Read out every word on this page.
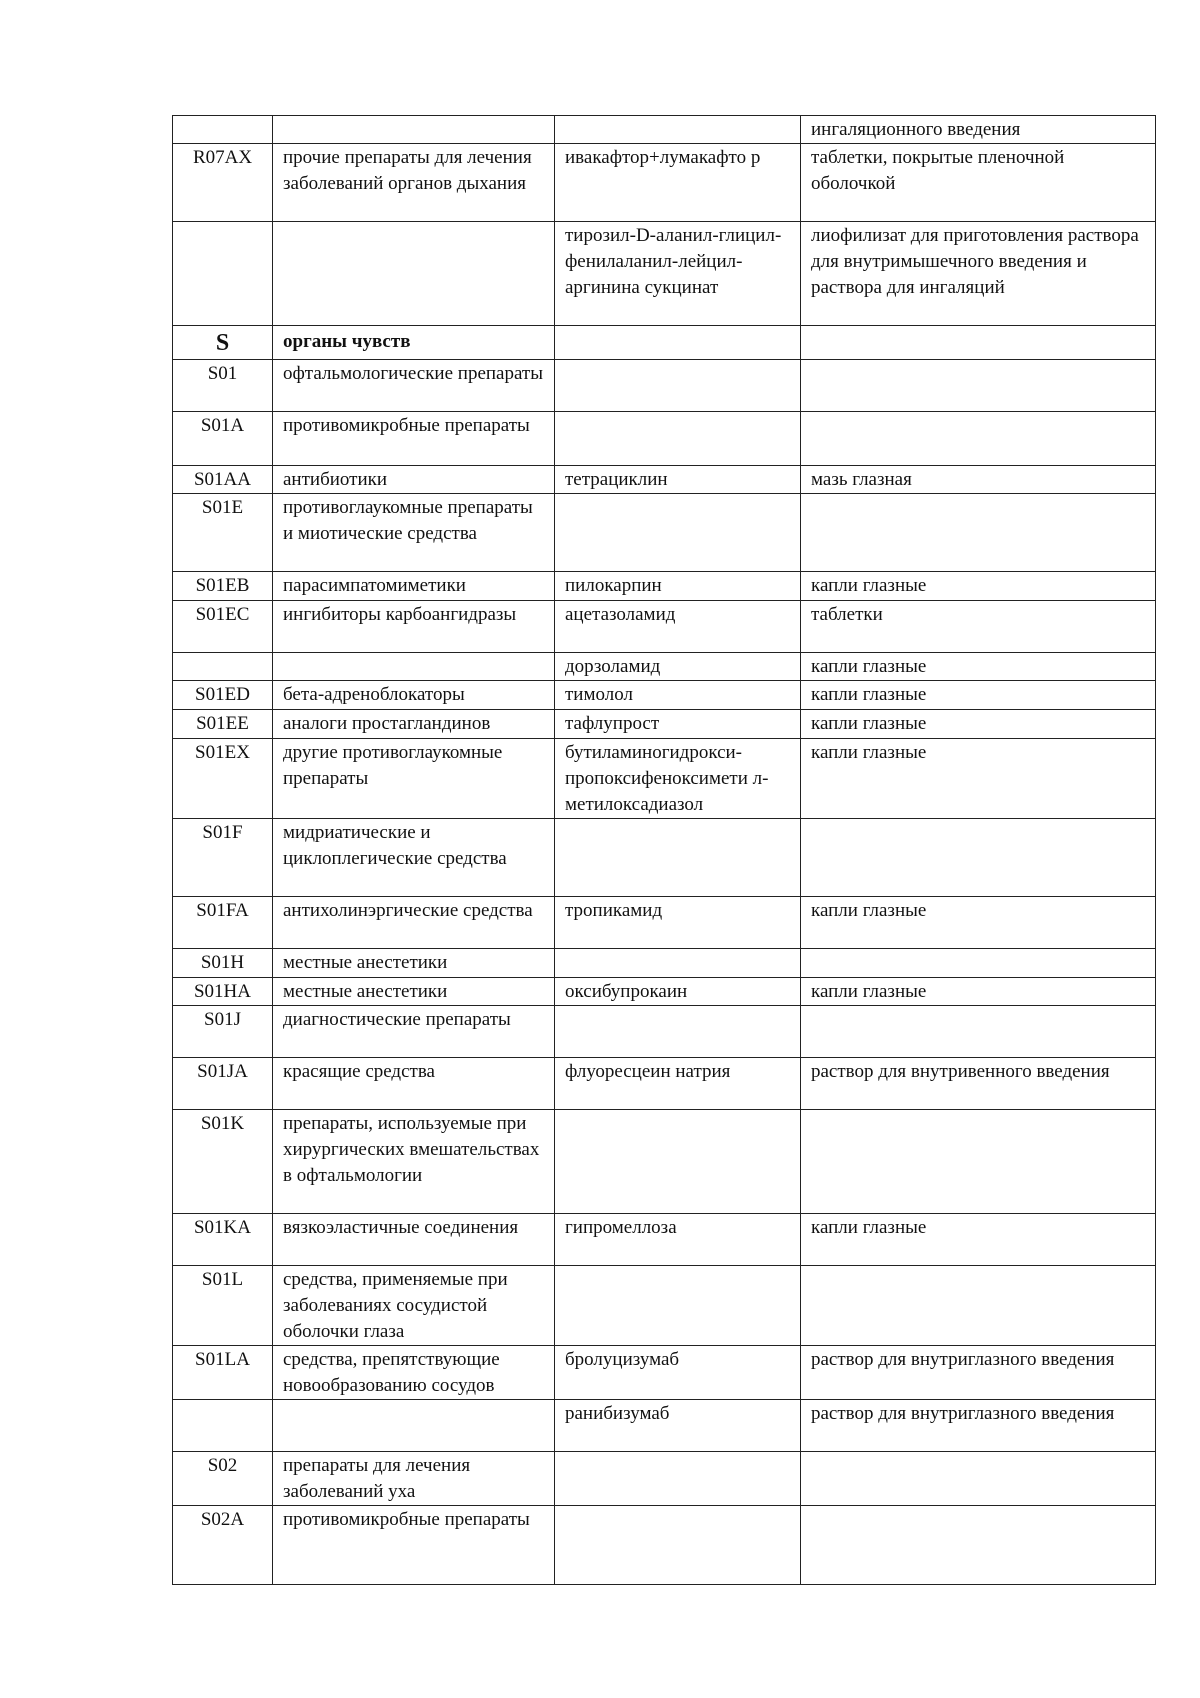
			ингаляционного введения
R07AX	прочие препараты для лечения заболеваний органов дыхания	ивакафтор+лумакафто р	таблетки, покрытые пленочной оболочкой
		тирозил-D-аланил-глицил-фенилаланил-лейцил-аргинина сукцинат	лиофилизат для приготовления раствора для внутримышечного введения и раствора для ингаляций
S	органы чувств		
S01	офтальмологические препараты		
S01A	противомикробные препараты		
S01AA	антибиотики	тетрациклин	мазь глазная
S01E	противоглаукомные препараты и миотические средства		
S01EB	парасимпатомиметики	пилокарпин	капли глазные
S01EC	ингибиторы карбоангидразы	ацетазоламид	таблетки
		дорзоламид	капли глазные
S01ED	бета-адреноблокаторы	тимолол	капли глазные
S01EE	аналоги простагландинов	тафлупрост	капли глазные
S01EX	другие противоглаукомные препараты	бутиламиногидрокси-пропоксифеноксимети л-метилоксадиазол	капли глазные
S01F	мидриатические и циклоплегические средства		
S01FA	антихолинэргические средства	тропикамид	капли глазные
S01H	местные анестетики		
S01HA	местные анестетики	оксибупрокаин	капли глазные
S01J	диагностические препараты		
S01JA	красящие средства	флуоресцеин натрия	раствор для внутривенного введения
S01K	препараты, используемые при хирургических вмешательствах в офтальмологии		
S01KA	вязкоэластичные соединения	гипромеллоза	капли глазные
S01L	средства, применяемые при заболеваниях сосудистой оболочки глаза		
S01LA	средства, препятствующие новообразованию сосудов	бролуцизумаб	раствор для внутриглазного введения
		ранибизумаб	раствор для внутриглазного введения
S02	препараты для лечения заболеваний уха		
S02A	противомикробные препараты		
